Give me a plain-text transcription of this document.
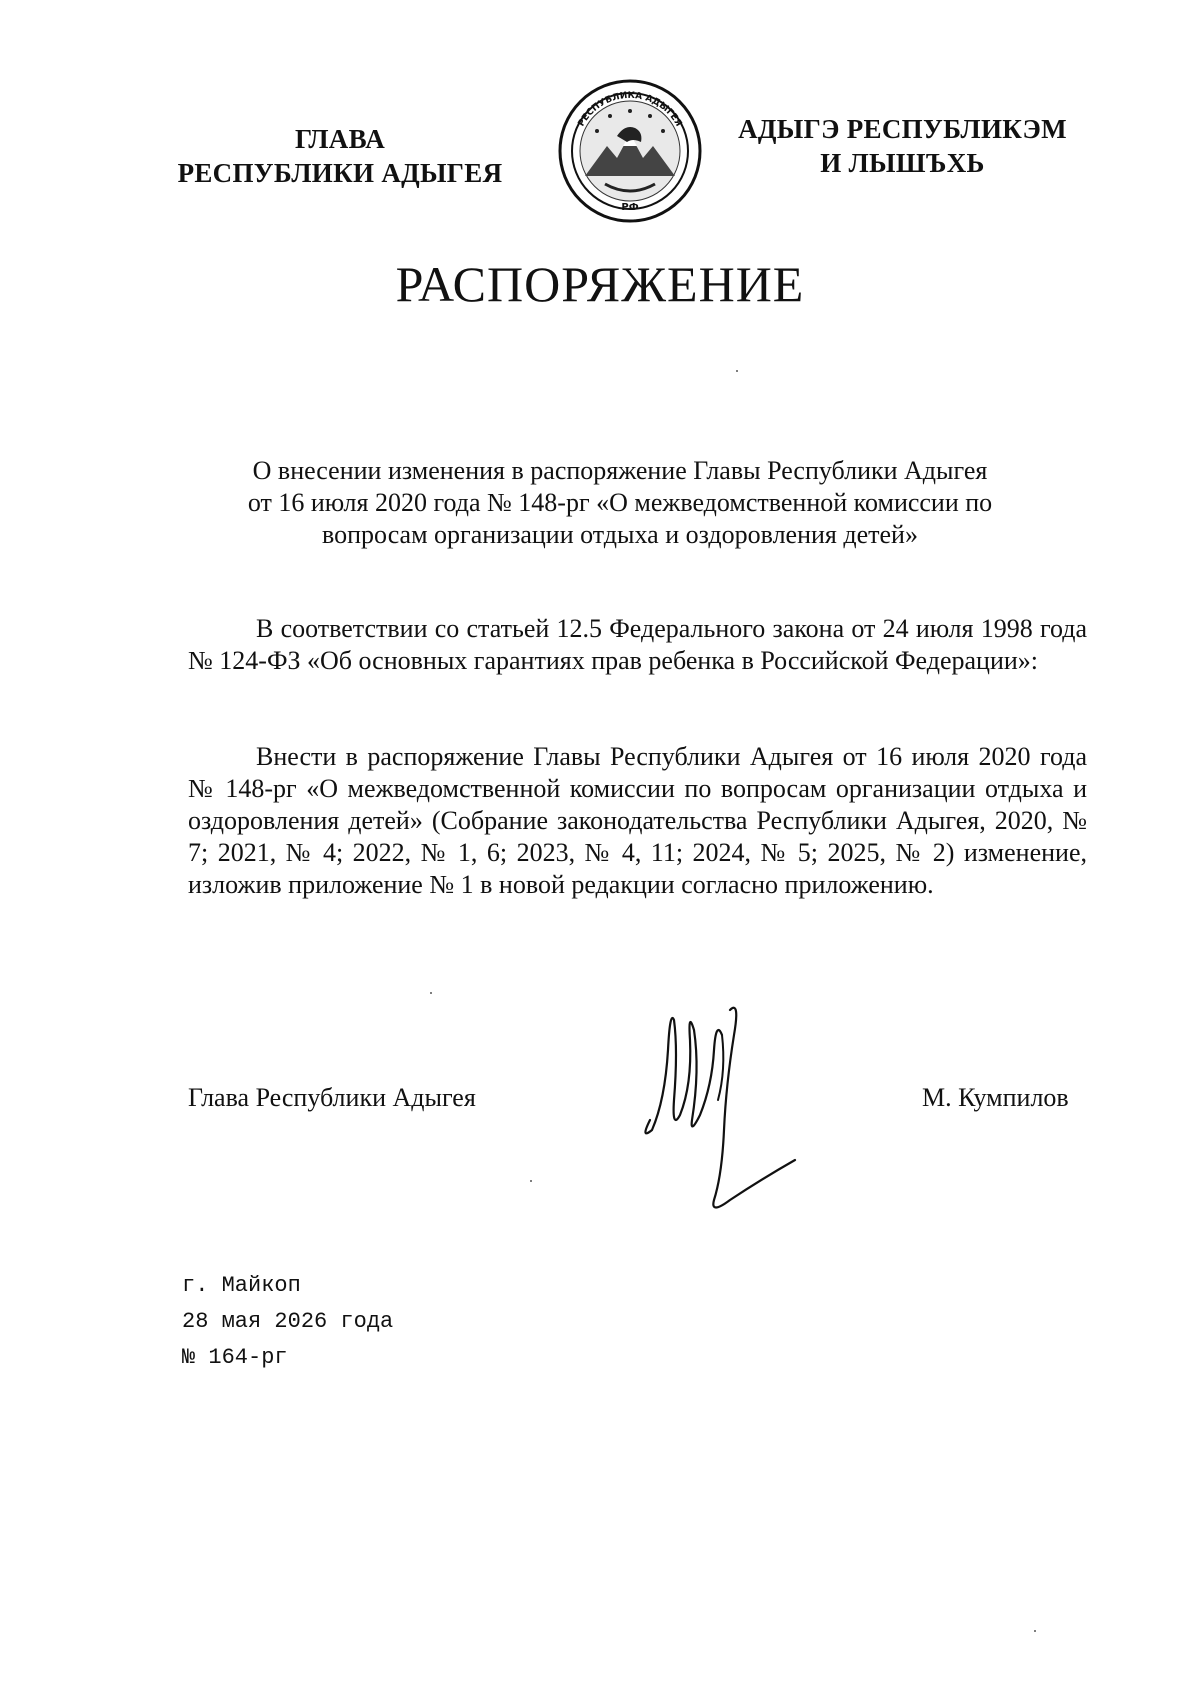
ГЛАВА
РЕСПУБЛИКИ АДЫГЕЯ
РЕСПУБЛИКА АДЫГЕЯ
РФ
АДЫГЭ РЕСПУБЛИКЭМ
И ЛЫШЪХЬ
РАСПОРЯЖЕНИЕ
О внесении изменения в распоряжение Главы Республики Адыгея
от 16 июля 2020 года № 148-рг «О межведомственной комиссии по
вопросам организации отдыха и оздоровления детей»
В соответствии со статьей 12.5 Федерального закона от 24 июля 1998 года № 124-ФЗ «Об основных гарантиях прав ребенка в Российской Федерации»:
Внести в распоряжение Главы Республики Адыгея от 16 июля 2020 года № 148-рг «О межведомственной комиссии по вопросам организации отдыха и оздоровления детей» (Собрание законодательства Республики Адыгея, 2020, № 7; 2021, № 4; 2022, № 1, 6; 2023, № 4, 11; 2024, № 5; 2025, № 2) изменение, изложив приложение № 1 в новой редакции согласно приложению.
Глава Республики Адыгея	М. Кумпилов
г. Майкоп
28 мая 2026 года
№ 164-рг
